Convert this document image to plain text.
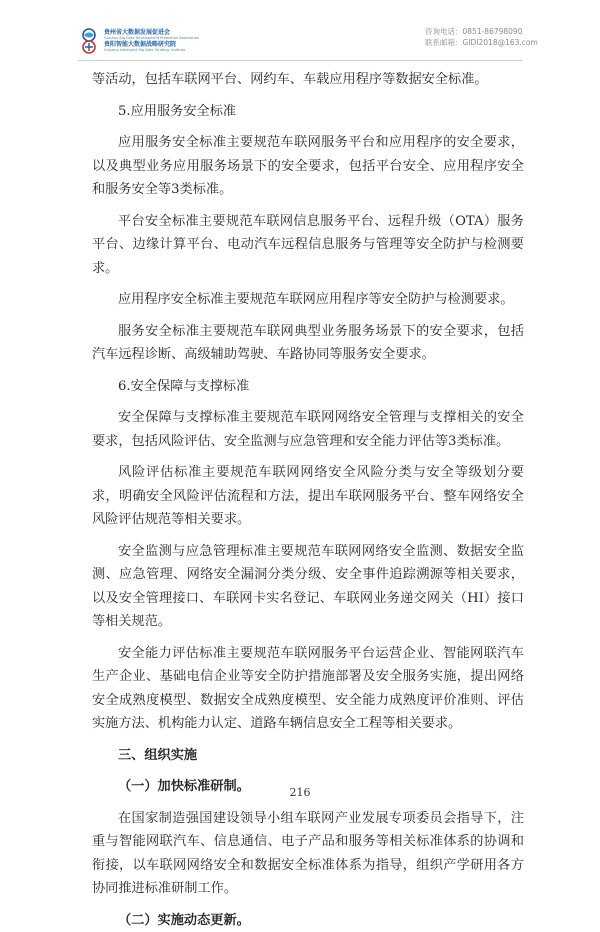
贵州省大数据发展促进会
Guizhou Big Data Development Promotion Association
贵阳智能大数据战略研究院
Guiyang Intelligent Big Data Strategy Institute
咨询电话：0851-86798090
联系邮箱：GIDI2018@163.com

等活动，包括车联网平台、网约车、车载应用程序等数据安全标准。

5.应用服务安全标准

应用服务安全标准主要规范车联网服务平台和应用程序的安全要求，以及典型业务应用服务场景下的安全要求，包括平台安全、应用程序安全和服务安全等3类标准。

平台安全标准主要规范车联网信息服务平台、远程升级（OTA）服务平台、边缘计算平台、电动汽车远程信息服务与管理等安全防护与检测要求。

应用程序安全标准主要规范车联网应用程序等安全防护与检测要求。

服务安全标准主要规范车联网典型业务服务场景下的安全要求，包括汽车远程诊断、高级辅助驾驶、车路协同等服务安全要求。

6.安全保障与支撑标准

安全保障与支撑标准主要规范车联网网络安全管理与支撑相关的安全要求，包括风险评估、安全监测与应急管理和安全能力评估等3类标准。

风险评估标准主要规范车联网网络安全风险分类与安全等级划分要求，明确安全风险评估流程和方法，提出车联网服务平台、整车网络安全风险评估规范等相关要求。

安全监测与应急管理标准主要规范车联网网络安全监测、数据安全监测、应急管理、网络安全漏洞分类分级、安全事件追踪溯源等相关要求，以及安全管理接口、车联网卡实名登记、车联网业务递交网关（HI）接口等相关规范。

安全能力评估标准主要规范车联网服务平台运营企业、智能网联汽车生产企业、基础电信企业等安全防护措施部署及安全服务实施，提出网络安全成熟度模型、数据安全成熟度模型、安全能力成熟度评价准则、评估实施方法、机构能力认定、道路车辆信息安全工程等相关要求。

三、组织实施

（一）加快标准研制。

在国家制造强国建设领导小组车联网产业发展专项委员会指导下，注重与智能网联汽车、信息通信、电子产品和服务等相关标准体系的协调和衔接，以车联网网络安全和数据安全标准体系为指导，组织产学研用各方协同推进标准研制工作。

（二）实施动态更新。

216
